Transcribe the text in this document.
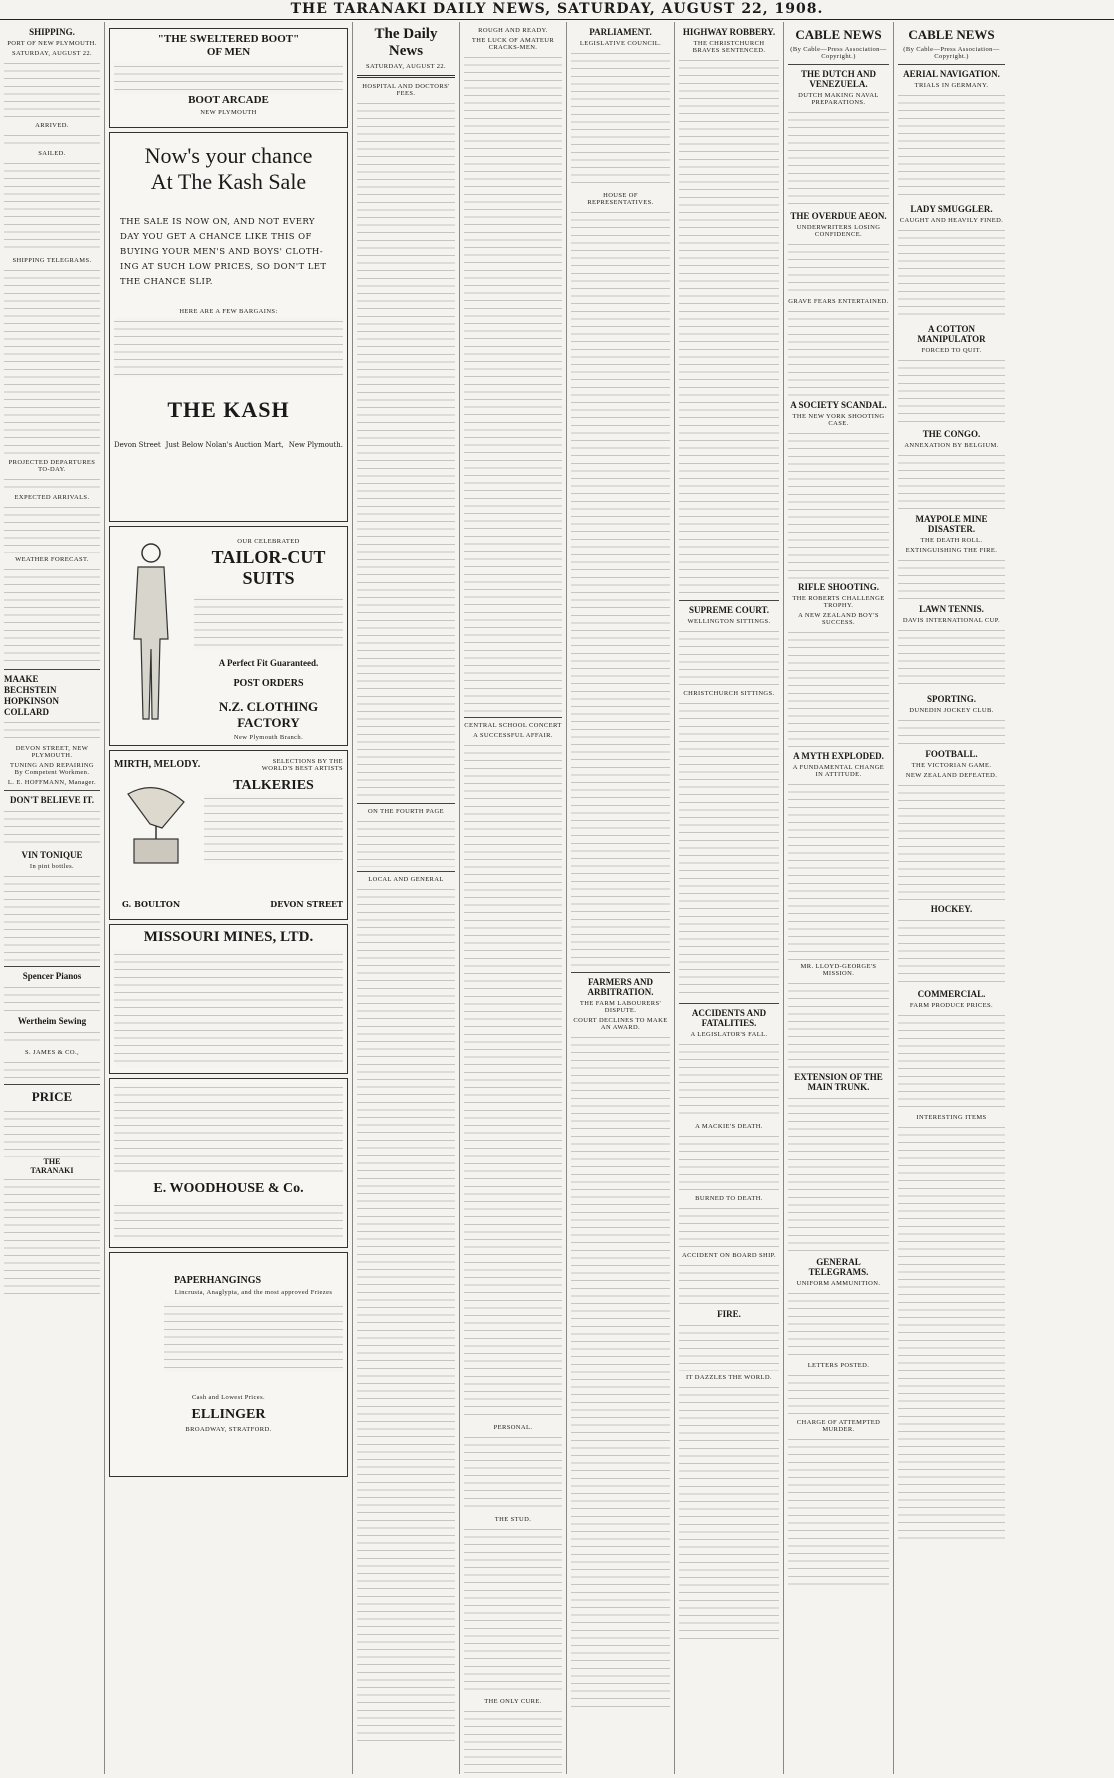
THE TARANAKI DAILY NEWS, SATURDAY, AUGUST 22, 1908.
SHIPPING.
PORT OF NEW PLYMOUTH.
SATURDAY, AUGUST 22.
ARRIVED.
SAILED.
SHIPPING TELEGRAMS.
PROJECTED DEPARTURES TO-DAY.
EXPECTED ARRIVALS.
WEATHER FORECAST.
MAAKE
BECHSTEIN
HOPKINSON
COLLARD
DEVON STREET, NEW PLYMOUTH.
TUNING AND REPAIRING
By Competent Workmen.
L. E. HOFFMANN, Manager.
DON'T BELIEVE IT.
VIN TONIQUE
In pint bottles.
Spencer Pianos
Wertheim Sewing
S. JAMES & CO.,
PRICE
THE
TARANAKI
"THE SWELTERED BOOT"
OF MEN
BOOT ARCADE
NEW PLYMOUTH
Now's your chance
At The Kash Sale
THE SALE IS NOW ON, AND NOT EVERY DAY YOU GET A CHANCE LIKE THIS OF BUYING YOUR MEN'S AND BOYS' CLOTH-ING AT SUCH LOW PRICES, SO DON'T LET THE CHANCE SLIP.
HERE ARE A FEW BARGAINS:
THE KASH
Devon Street Just Below Nolan's Auction Mart, New Plymouth.
OUR CELEBRATED
TAILOR-CUT SUITS
A Perfect Fit Guaranteed.
POST ORDERS
N.Z. CLOTHING FACTORY
New Plymouth Branch.
MIRTH, MELODY.	SELECTIONS BY THE WORLD'S BEST ARTISTS
TALKERIES
G. BOULTON	DEVON STREET
MISSOURI MINES, LTD.
E. WOODHOUSE & Co.
PAPERHANGINGS
Lincrusta, Anaglypta, and the most approved Friezes
Cash and Lowest Prices.
ELLINGER
BROADWAY, STRATFORD.
The Daily News
SATURDAY, AUGUST 22.
HOSPITAL AND DOCTORS' FEES.
ON THE FOURTH PAGE
LOCAL AND GENERAL
ROUGH AND READY.
THE LUCK OF AMATEUR CRACKS-MEN.
CENTRAL SCHOOL CONCERT
A SUCCESSFUL AFFAIR.
PERSONAL.
THE STUD.
THE ONLY CURE.
PARLIAMENT.
LEGISLATIVE COUNCIL.
HOUSE OF REPRESENTATIVES.
FARMERS AND ARBITRATION.
THE FARM LABOURERS' DISPUTE.
COURT DECLINES TO MAKE AN AWARD.
HIGHWAY ROBBERY.
THE CHRISTCHURCH BRAVES SENTENCED.
SUPREME COURT.
WELLINGTON SITTINGS.
CHRISTCHURCH SITTINGS.
ACCIDENTS AND FATALITIES.
A LEGISLATOR'S FALL.
A MACKIE'S DEATH.
BURNED TO DEATH.
ACCIDENT ON BOARD SHIP.
FIRE.
IT DAZZLES THE WORLD.
CABLE NEWS
(By Cable—Press Association—Copyright.)
THE DUTCH AND VENEZUELA.
DUTCH MAKING NAVAL PREPARATIONS.
THE OVERDUE AEON.
UNDERWRITERS LOSING CONFIDENCE.
GRAVE FEARS ENTERTAINED.
A SOCIETY SCANDAL.
THE NEW YORK SHOOTING CASE.
RIFLE SHOOTING.
THE ROBERTS CHALLENGE TROPHY.
A NEW ZEALAND BOY'S SUCCESS.
A MYTH EXPLODED.
A FUNDAMENTAL CHANGE IN ATTITUDE.
MR. LLOYD-GEORGE'S MISSION.
EXTENSION OF THE MAIN TRUNK.
GENERAL TELEGRAMS.
UNIFORM AMMUNITION.
LETTERS POSTED.
CHARGE OF ATTEMPTED MURDER.
CABLE NEWS
(By Cable—Press Association—Copyright.)
AERIAL NAVIGATION.
TRIALS IN GERMANY.
LADY SMUGGLER.
CAUGHT AND HEAVILY FINED.
A COTTON MANIPULATOR
FORCED TO QUIT.
THE CONGO.
ANNEXATION BY BELGIUM.
MAYPOLE MINE DISASTER.
THE DEATH ROLL.
EXTINGUISHING THE FIRE.
LAWN TENNIS.
DAVIS INTERNATIONAL CUP.
SPORTING.
DUNEDIN JOCKEY CLUB.
FOOTBALL.
THE VICTORIAN GAME.
NEW ZEALAND DEFEATED.
HOCKEY.
COMMERCIAL.
FARM PRODUCE PRICES.
INTERESTING ITEMS
